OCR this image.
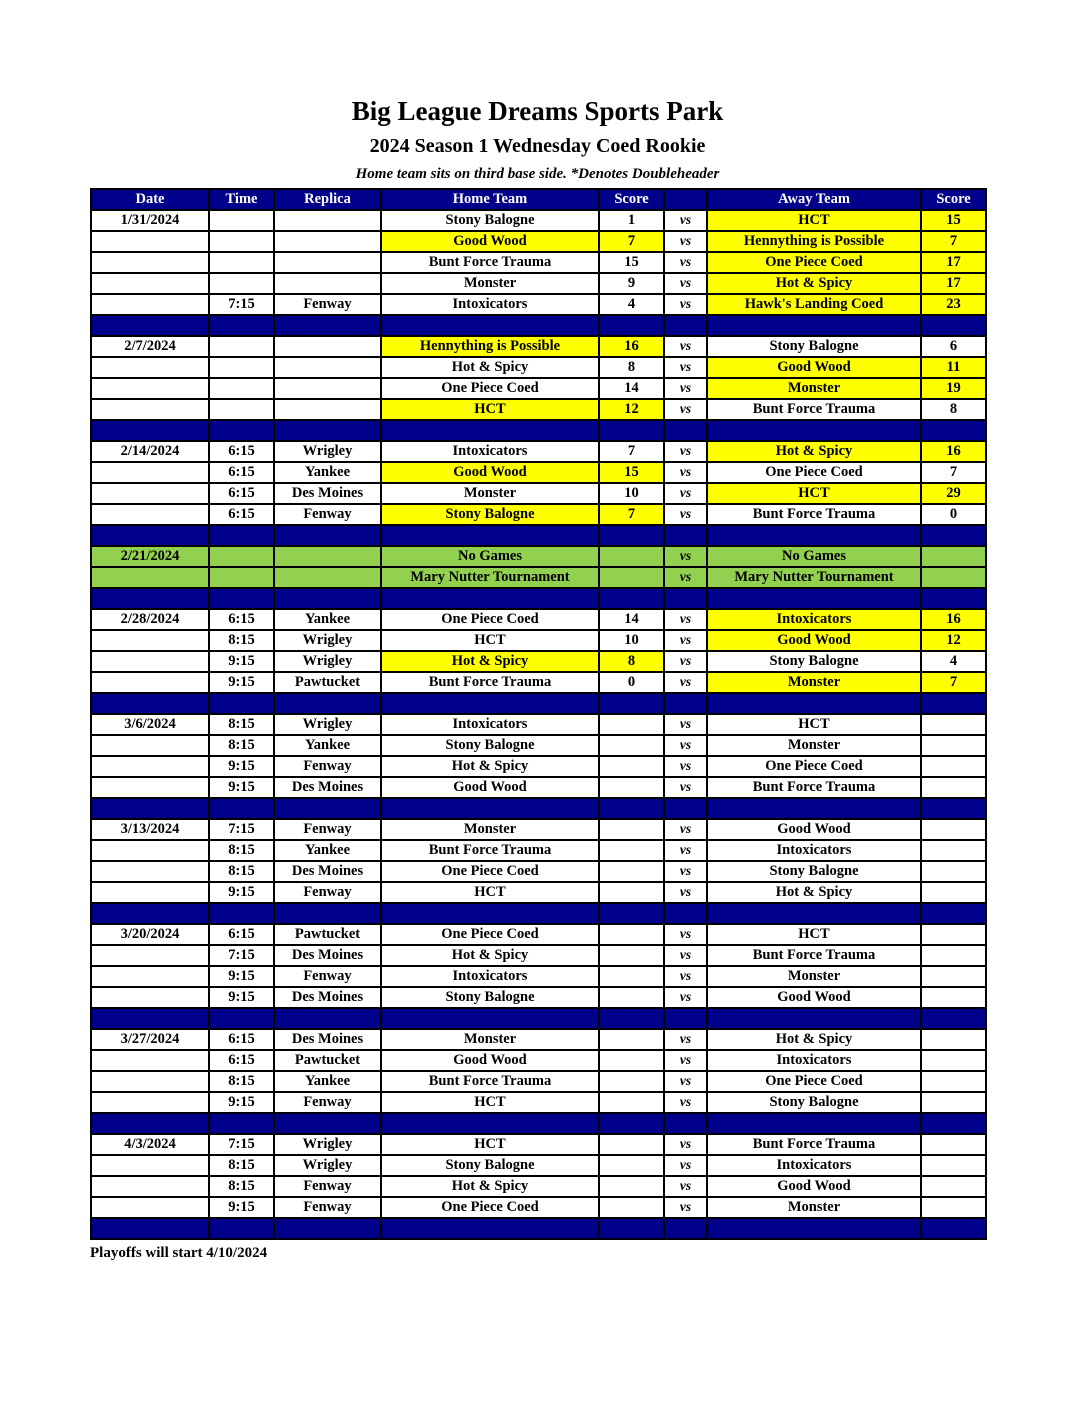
Big League Dreams Sports Park
2024 Season 1 Wednesday Coed Rookie
Home team sits on third base side. *Denotes Doubleheader
Date	Time	Replica	Home Team	Score		Away Team	Score
1/31/2024			Stony Balogne	1	vs	HCT	15
			Good Wood	7	vs	Hennything is Possible	7
			Bunt Force Trauma	15	vs	One Piece Coed	17
			Monster	9	vs	Hot & Spicy	17
	7:15	Fenway	Intoxicators	4	vs	Hawk's Landing Coed	23

2/7/2024			Hennything is Possible	16	vs	Stony Balogne	6
			Hot & Spicy	8	vs	Good Wood	11
			One Piece Coed	14	vs	Monster	19
			HCT	12	vs	Bunt Force Trauma	8

2/14/2024	6:15	Wrigley	Intoxicators	7	vs	Hot & Spicy	16
	6:15	Yankee	Good Wood	15	vs	One Piece Coed	7
	6:15	Des Moines	Monster	10	vs	HCT	29
	6:15	Fenway	Stony Balogne	7	vs	Bunt Force Trauma	0

2/21/2024			No Games		vs	No Games	
			Mary Nutter Tournament		vs	Mary Nutter Tournament	

2/28/2024	6:15	Yankee	One Piece Coed	14	vs	Intoxicators	16
	8:15	Wrigley	HCT	10	vs	Good Wood	12
	9:15	Wrigley	Hot & Spicy	8	vs	Stony Balogne	4
	9:15	Pawtucket	Bunt Force Trauma	0	vs	Monster	7

3/6/2024	8:15	Wrigley	Intoxicators		vs	HCT	
	8:15	Yankee	Stony Balogne		vs	Monster	
	9:15	Fenway	Hot & Spicy		vs	One Piece Coed	
	9:15	Des Moines	Good Wood		vs	Bunt Force Trauma	

3/13/2024	7:15	Fenway	Monster		vs	Good Wood	
	8:15	Yankee	Bunt Force Trauma		vs	Intoxicators	
	8:15	Des Moines	One Piece Coed		vs	Stony Balogne	
	9:15	Fenway	HCT		vs	Hot & Spicy	

3/20/2024	6:15	Pawtucket	One Piece Coed		vs	HCT	
	7:15	Des Moines	Hot & Spicy		vs	Bunt Force Trauma	
	9:15	Fenway	Intoxicators		vs	Monster	
	9:15	Des Moines	Stony Balogne		vs	Good Wood	

3/27/2024	6:15	Des Moines	Monster		vs	Hot & Spicy	
	6:15	Pawtucket	Good Wood		vs	Intoxicators	
	8:15	Yankee	Bunt Force Trauma		vs	One Piece Coed	
	9:15	Fenway	HCT		vs	Stony Balogne	

4/3/2024	7:15	Wrigley	HCT		vs	Bunt Force Trauma	
	8:15	Wrigley	Stony Balogne		vs	Intoxicators	
	8:15	Fenway	Hot & Spicy		vs	Good Wood	
	9:15	Fenway	One Piece Coed		vs	Monster	

Playoffs will start 4/10/2024
